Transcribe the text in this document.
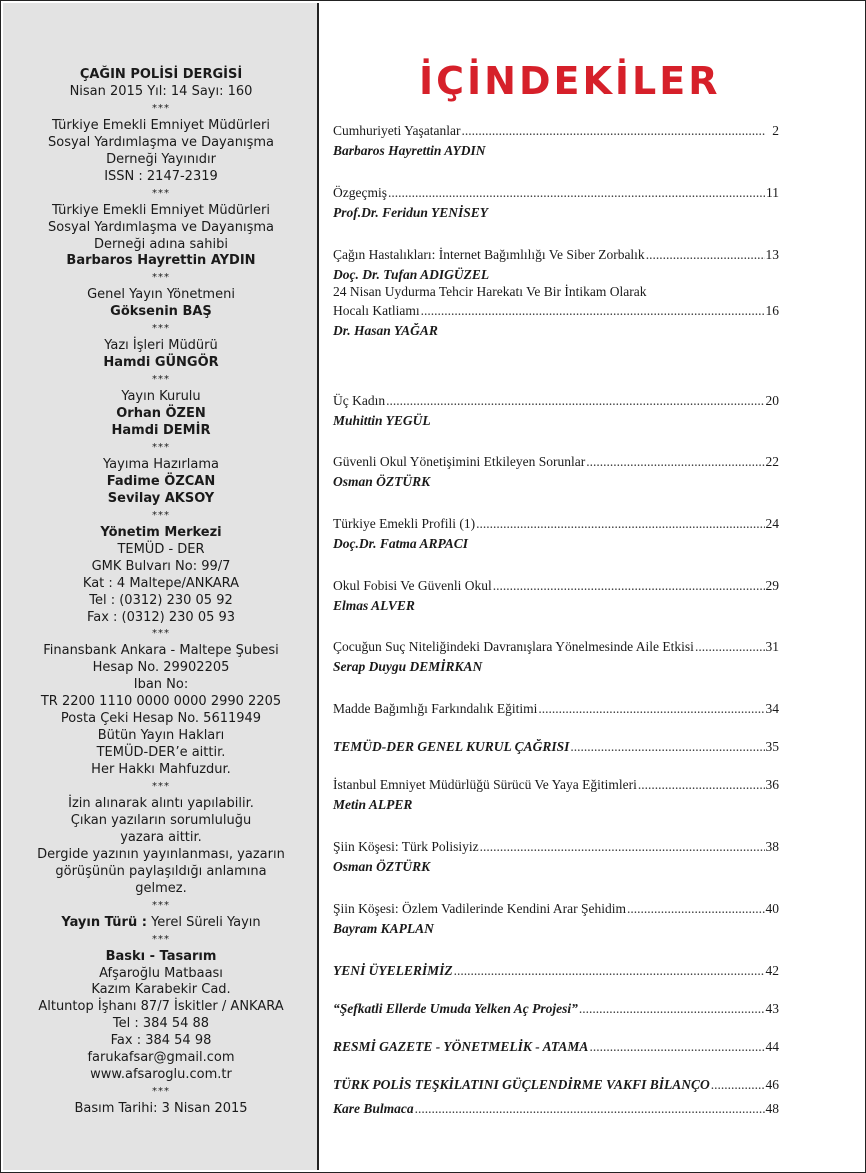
ÇAĞIN POLİSİ DERGİSİ
Nisan 2015 Yıl: 14 Sayı: 160
***
Türkiye Emekli Emniyet Müdürleri
Sosyal Yardımlaşma ve Dayanışma
Derneği Yayınıdır
ISSN : 2147-2319
***
Türkiye Emekli Emniyet Müdürleri
Sosyal Yardımlaşma ve Dayanışma
Derneği adına sahibi
Barbaros Hayrettin AYDIN
***
Genel Yayın Yönetmeni
Göksenin BAŞ
***
Yazı İşleri Müdürü
Hamdi GÜNGÖR
***
Yayın Kurulu
Orhan ÖZEN
Hamdi DEMİR
***
Yayıma Hazırlama
Fadime ÖZCAN
Sevilay AKSOY
***
Yönetim Merkezi
TEMÜD - DER
GMK Bulvarı No: 99/7
Kat : 4 Maltepe/ANKARA
Tel : (0312) 230 05 92
Fax : (0312) 230 05 93
***
Finansbank Ankara - Maltepe Şubesi
Hesap No. 29902205
Iban No:
TR 2200 1110 0000 0000 2990 2205
Posta Çeki Hesap No. 5611949
Bütün Yayın Hakları
TEMÜD-DER’e aittir.
Her Hakkı Mahfuzdur.
***
İzin alınarak alıntı yapılabilir.
Çıkan yazıların sorumluluğu
yazara aittir.
Dergide yazının yayınlanması, yazarın
görüşünün paylaşıldığı anlamına
gelmez.
***
Yayın Türü : Yerel Süreli Yayın
***
Baskı - Tasarım
Afşaroğlu Matbaası
Kazım Karabekir Cad.
Altuntop İşhanı 87/7 İskitler / ANKARA
Tel : 384 54 88
Fax : 384 54 98
farukafsar@gmail.com
www.afsaroglu.com.tr
***
Basım Tarihi: 3 Nisan 2015
İÇİNDEKİLER
Cumhuriyeti Yaşatanlar .....	2
Barbaros Hayrettin AYDIN
Özgeçmiş .....	11
Prof.Dr. Feridun YENİSEY
Çağın Hastalıkları: İnternet Bağımlılığı Ve Siber Zorbalık .....	13
Doç. Dr. Tufan ADIGÜZEL
24 Nisan Uydurma Tehcir Harekatı Ve Bir İntikam Olarak
Hocalı Katliamı .....	16
Dr. Hasan YAĞAR
Üç Kadın .....	20
Muhittin YEGÜL
Güvenli Okul Yönetişimini Etkileyen Sorunlar .....	22
Osman ÖZTÜRK
Türkiye Emekli Profili (1) .....	24
Doç.Dr. Fatma ARPACI
Okul Fobisi Ve Güvenli Okul .....	29
Elmas ALVER
Çocuğun Suç Niteliğindeki Davranışlara Yönelmesinde Aile Etkisi .....	31
Serap Duygu DEMİRKAN
Madde Bağımlığı Farkındalık Eğitimi .....	34
TEMÜD-DER GENEL KURUL ÇAĞRISI .....	35
İstanbul Emniyet Müdürlüğü Sürücü Ve Yaya Eğitimleri .....	36
Metin ALPER
Şiin Köşesi: Türk Polisiyiz .....	38
Osman ÖZTÜRK
Şiin Köşesi: Özlem Vadilerinde Kendini Arar Şehidim .....	40
Bayram KAPLAN
YENİ ÜYELERİMİZ .....	42
“Şefkatli Ellerde Umuda Yelken Aç Projesi” .....	43
RESMİ GAZETE - YÖNETMELİK - ATAMA .....	44
TÜRK POLİS TEŞKİLATINI GÜÇLENDİRME VAKFI BİLANÇO .....	46
Kare Bulmaca .....	48
